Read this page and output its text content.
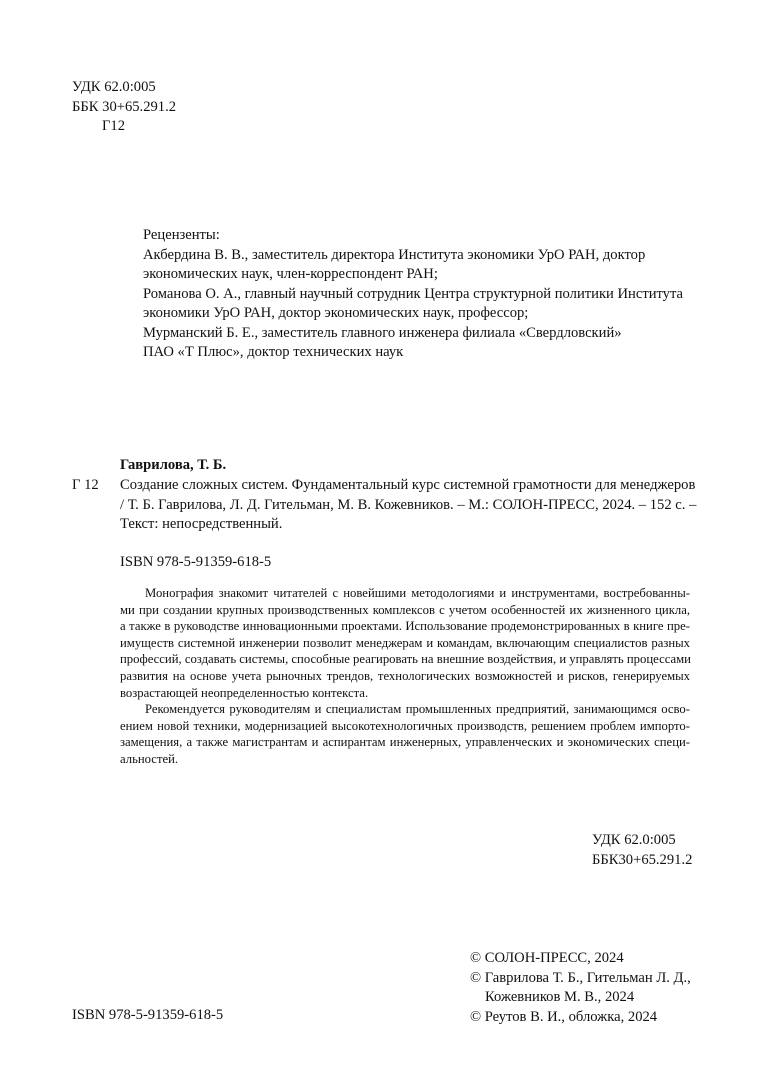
УДК 62.0:005
ББК 30+65.291.2
Г12
Рецензенты:
Акбердина В. В., заместитель директора Института экономики УрО РАН, доктор
экономических наук, член-корреспондент РАН;
Романова О. А., главный научный сотрудник Центра структурной политики Института
экономики УрО РАН, доктор экономических наук, профессор;
Мурманский Б. Е., заместитель главного инженера филиала «Свердловский»
ПАО «Т Плюс», доктор технических наук
Гаврилова, Т. Б.
Г 12 Создание сложных систем. Фундаментальный курс системной грамотности для менеджеров
/ Т. Б. Гаврилова, Л. Д. Гительман, М. В. Кожевников. – М.: СОЛОН-ПРЕСС, 2024. – 152 с. –
Текст: непосредственный.
ISBN 978-5-91359-618-5
Монография знакомит читателей с новейшими методологиями и инструментами, востребованны-
ми при создании крупных производственных комплексов с учетом особенностей их жизненного цикла,
а также в руководстве инновационными проектами. Использование продемонстрированных в книге пре-
имуществ системной инженерии позволит менеджерам и командам, включающим специалистов разных
профессий, создавать системы, способные реагировать на внешние воздействия, и управлять процессами
развития на основе учета рыночных трендов, технологических возможностей и рисков, генерируемых
возрастающей неопределенностью контекста.
Рекомендуется руководителям и специалистам промышленных предприятий, занимающимся осво-
ением новой техники, модернизацией высокотехнологичных производств, решением проблем импорто-
замещения, а также магистрантам и аспирантам инженерных, управленческих и экономических специ-
альностей.
УДК 62.0:005
ББК30+65.291.2
© СОЛОН-ПРЕСС, 2024
© Гаврилова Т. Б., Гительман Л. Д.,
Кожевников М. В., 2024
© Реутов В. И., обложка, 2024
ISBN 978-5-91359-618-5
